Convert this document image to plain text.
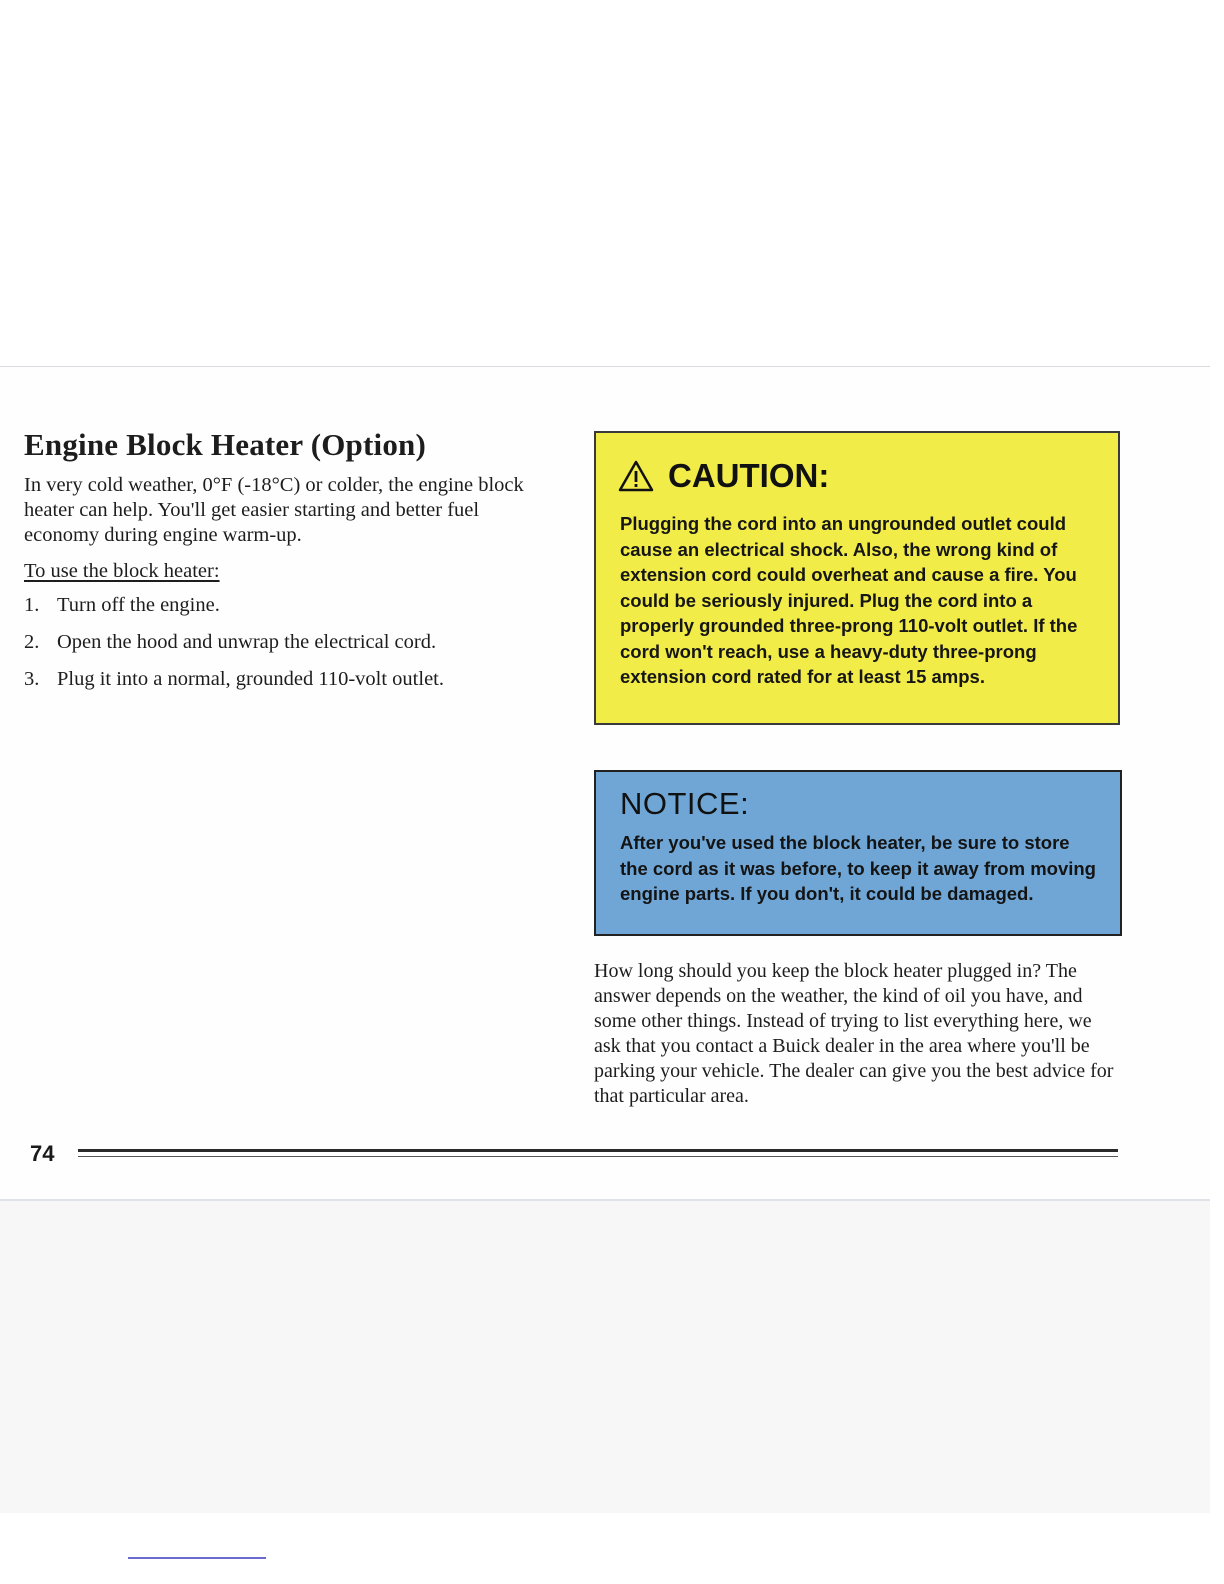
Engine Block Heater (Option)

In very cold weather, 0°F (-18°C) or colder, the engine block heater can help. You'll get easier starting and better fuel economy during engine warm-up.

To use the block heater:

1. Turn off the engine.
2. Open the hood and unwrap the electrical cord.
3. Plug it into a normal, grounded 110-volt outlet.
CAUTION:
Plugging the cord into an ungrounded outlet could cause an electrical shock. Also, the wrong kind of extension cord could overheat and cause a fire. You could be seriously injured. Plug the cord into a properly grounded three-prong 110-volt outlet. If the cord won't reach, use a heavy-duty three-prong extension cord rated for at least 15 amps.
NOTICE:
After you've used the block heater, be sure to store the cord as it was before, to keep it away from moving engine parts. If you don't, it could be damaged.
How long should you keep the block heater plugged in? The answer depends on the weather, the kind of oil you have, and some other things. Instead of trying to list everything here, we ask that you contact a Buick dealer in the area where you'll be parking your vehicle. The dealer can give you the best advice for that particular area.
74
